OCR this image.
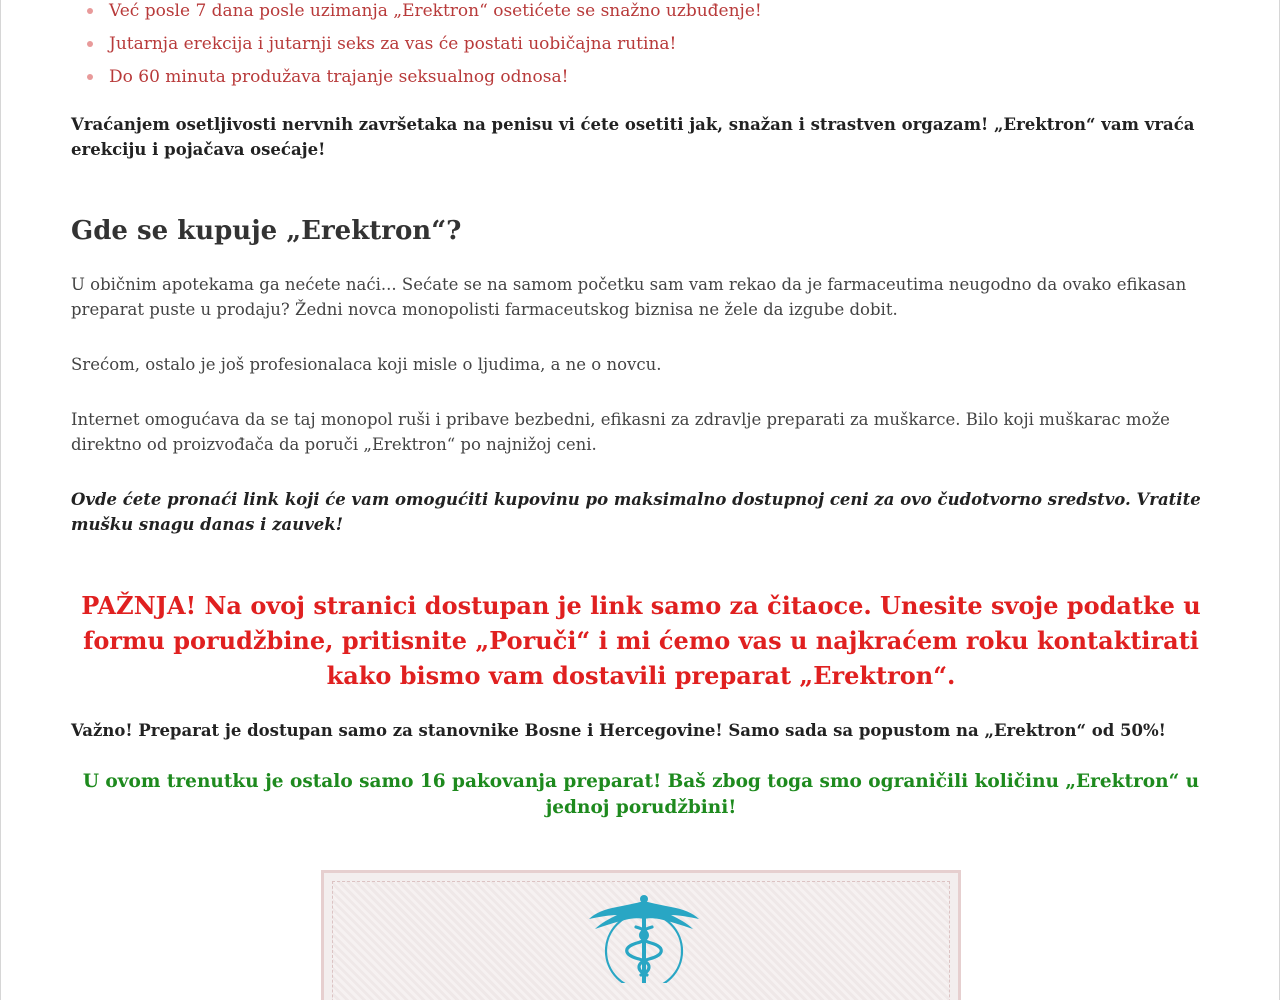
Već posle 7 dana posle uzimanja „Erektron“ osetićete se snažno uzbuđenje!
Jutarnja erekcija i jutarnji seks za vas će postati uobičajna rutina!
Do 60 minuta produžava trajanje seksualnog odnosa!
Vraćanjem osetljivosti nervnih završetaka na penisu vi ćete osetiti jak, snažan i strastven orgazam! „Erektron“ vam vraća erekciju i pojačava osećaje!
Gde se kupuje „Erektron“?
U običnim apotekama ga nećete naći... Sećate se na samom početku sam vam rekao da je farmaceutima neugodno da ovako efikasan preparat puste u prodaju? Žedni novca monopolisti farmaceutskog biznisa ne žele da izgube dobit.
Srećom, ostalo je još profesionalaca koji misle o ljudima, a ne o novcu.
Internet omogućava da se taj monopol ruši i pribave bezbedni, efikasni za zdravlje preparati za muškarce. Bilo koji muškarac može direktno od proizvođača da poruči „Erektron“ po najnižoj ceni.
Ovde ćete pronaći link koji će vam omogućiti kupovinu po maksimalno dostupnoj ceni za ovo čudotvorno sredstvo. Vratite mušku snagu danas i zauvek!
PAŽNJA! Na ovoj stranici dostupan je link samo za čitaoce. Unesite svoje podatke u formu porudžbine, pritisnite „Poruči“ i mi ćemo vas u najkraćem roku kontaktirati kako bismo vam dostavili preparat „Erektron“.
Važno! Preparat je dostupan samo za stanovnike Bosne i Hercegovine! Samo sada sa popustom na „Erektron“ od 50%!
U ovom trenutku je ostalo samo 16 pakovanja preparat! Baš zbog toga smo ograničili količinu „Erektron“ u jednoj porudžbini!
